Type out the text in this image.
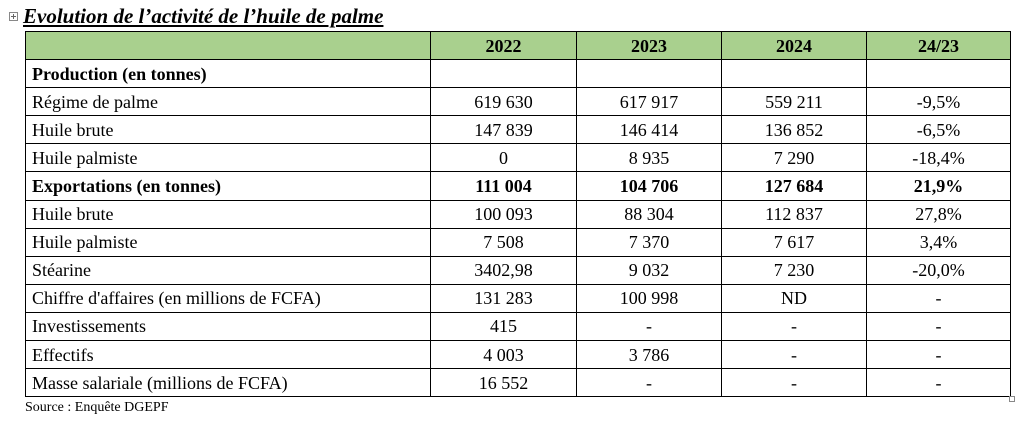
Evolution de l’activité de l’huile de palme
	2022	2023	2024	24/23
Production (en tonnes)				
Régime de palme	619 630	617 917	559 211	-9,5%
Huile brute	147 839	146 414	136 852	-6,5%
Huile palmiste	0	8 935	7 290	-18,4%
Exportations (en tonnes)	111 004	104 706	127 684	21,9%
Huile brute	100 093	88 304	112 837	27,8%
Huile palmiste	7 508	7 370	7 617	3,4%
Stéarine	3402,98	9 032	7 230	-20,0%
Chiffre d'affaires (en millions de FCFA)	131 283	100 998	ND	-
Investissements	415	-	-	-
Effectifs	4 003	3 786	-	-
Masse salariale (millions de FCFA)	16 552	-	-	-
Source : Enquête DGEPF
